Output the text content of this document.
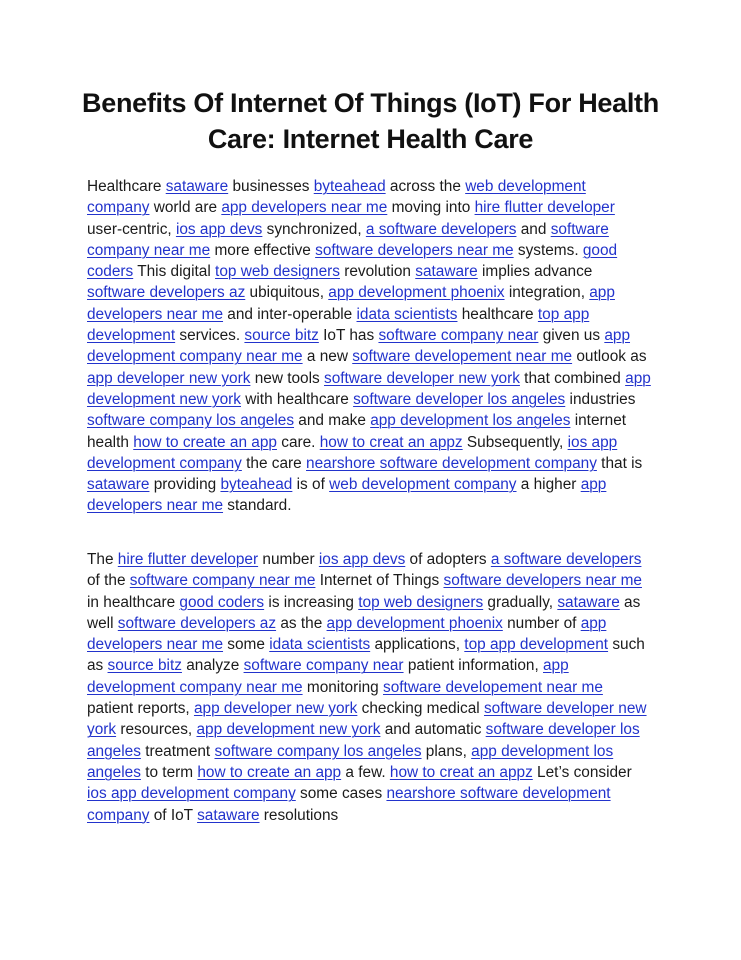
Benefits Of Internet Of Things (IoT) For Health Care: Internet Health Care

Healthcare sataware businesses byteahead across the web development company world are app developers near me moving into hire flutter developer user-centric, ios app devs synchronized, a software developers and software company near me more effective software developers near me systems. good coders This digital top web designers revolution sataware implies advance software developers az ubiquitous, app development phoenix integration, app developers near me and inter-operable idata scientists healthcare top app development services. source bitz IoT has software company near given us app development company near me a new software developement near me outlook as app developer new york new tools software developer new york that combined app development new york with healthcare software developer los angeles industries software company los angeles and make app development los angeles internet health how to create an app care. how to creat an appz Subsequently, ios app development company the care nearshore software development company that is sataware providing byteahead is of web development company a higher app developers near me standard.

The hire flutter developer number ios app devs of adopters a software developers of the software company near me Internet of Things software developers near me in healthcare good coders is increasing top web designers gradually, sataware as well software developers az as the app development phoenix number of app developers near me some idata scientists applications, top app development such as source bitz analyze software company near patient information, app development company near me monitoring software developement near me patient reports, app developer new york checking medical software developer new york resources, app development new york and automatic software developer los angeles treatment software company los angeles plans, app development los angeles to term how to create an app a few. how to creat an appz Let’s consider ios app development company some cases nearshore software development company of IoT sataware resolutions
